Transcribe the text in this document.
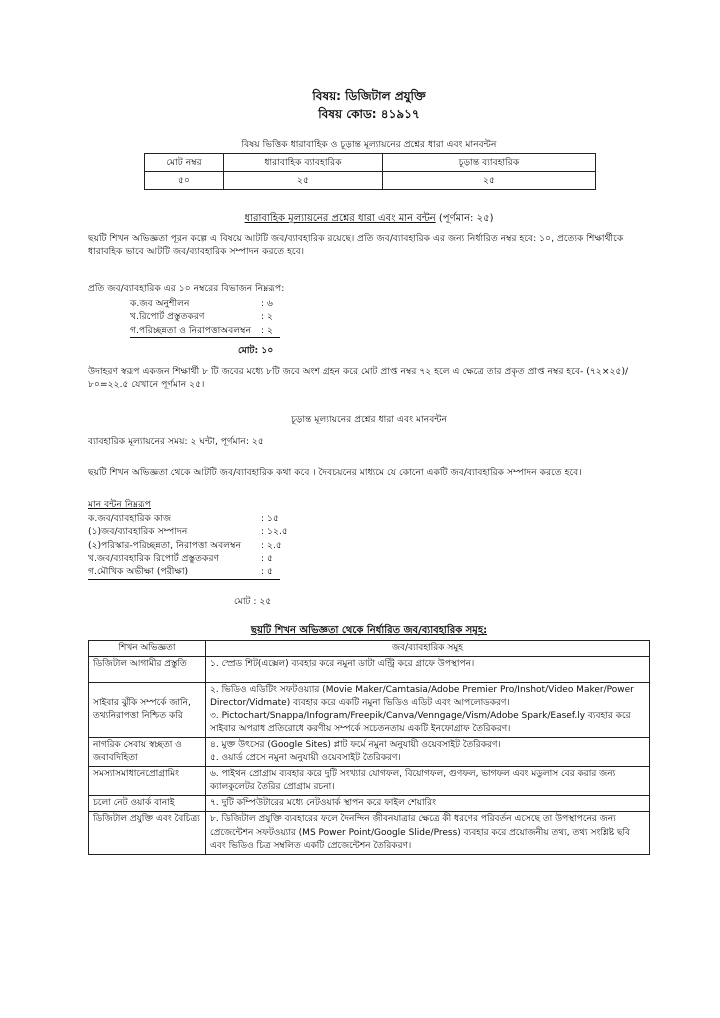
বিষয়: ডিজিটাল প্রযুক্তি
বিষয় কোড: ৪১৯১৭
বিষয় ভিত্তিক ধারাবাহিক ও চূড়ান্ত মূল্যায়নের প্রশ্নের ধারা এবং মানবন্টন
মোট নম্বর	ধারাবাহিক ব্যাবহারিক	চূড়ান্ত ব্যাবহারিক
৫০	২৫	২৫
ধারাবাহিক মূল্যায়নের প্রশ্নের ধারা এবং মান বন্টন (পূর্ণমান: ২৫)
ছয়টি শিখন অভিজ্ঞতা পূরন কল্পে এ বিষয়ে আটটি জব/ব্যাবহারিক রয়েছে। প্রতি জব/ব্যাবহারিক এর জন্য নির্ধারিত নম্বর হবে: ১০, প্রত্যেক শিক্ষার্থীকে ধারাবহিক ভাবে আটটি জব/ব্যাবহারিক সম্পাদন করতে হবে।
প্রতি জব/ব্যাবহারিক এর ১০ নম্বরের বিভাজন নিম্নরূপ:
ক.জব অনুশীলন	: ৬
খ.রিপোর্ট প্রস্তুতকরণ	: ২
গ.পরিচ্ছন্নতা ও নিরাপত্তাঅবলম্বন	: ২
মোট: ১০
উদাহরণ স্বরূপ একজন শিক্ষার্থী ৮ টি জবের মধ্যে ৮টি জবে অংশ গ্রহন করে মোট প্রাপ্ত নম্বর ৭২ হলে এ ক্ষেত্রে তার প্রকৃত প্রাপ্ত নম্বর হবে- (৭২×২৫)/৮০=২২.৫ যেখানে পূর্ণমান ২৫।
চূড়ান্ত মূল্যায়নের প্রশ্নের ধারা এবং মানবন্টন
ব্যাবহারিক মূল্যায়নের সময়: ২ ঘন্টা, পূর্ণমান: ২৫
ছয়টি শিখন অভিজ্ঞতা থেকে আটটি জব/ব্যাবহারিক কথা কবে । দৈবচয়নের মাধ্যমে যে কোনো একটি জব/ব্যাবহারিক সম্পাদন করতে হবে।
মান বন্টন নিম্নরূপ
ক.জব/ব্যাবহারিক কাজ	: ১৫
(১)জব/ব্যাবহারিক সম্পাদন	: ১২.৫
(২)পরিস্কার-পরিচ্ছন্নতা, নিরাপত্তা অবলম্বন	: ২.৫
খ.জব/ব্যাবহারিক রিপোর্ট প্রস্তুতকরণ	: ৫
গ.মৌখিক অভীক্ষা (পরীক্ষা)	: ৫
মোট : ২৫
ছয়টি শিখন অভিজ্ঞতা থেকে নির্ধারিত জব/ব্যাবহারিক সমূহ:
শিখন অভিজ্ঞতা	জব/ব্যাবহারিক সমুহ
ডিজিটাল আগামীর প্রস্তুতি	১. স্প্রেড শিট(এক্সেল) ব্যবহার করে নমুনা ডাটা এন্ট্রি করে গ্রাফে উপস্থাপন।
সাইবার ঝুঁকি সম্পর্কে জানি, তথ্যনিরাপত্তা নিশ্চিত করি	২. ভিডিও এডিটিং সফটওয়্যার (Movie Maker/Camtasia/Adobe Premier Pro/Inshot/Video Maker/Power Director/Vidmate) ব্যবহার করে একটি নমুনা ভিডিও এডিট এবং আপলোডকরণ।
৩. Pictochart/Snappa/Infogram/Freepik/Canva/Venngage/Vism/Adobe Spark/Easef.ly ব্যবহার করে সাইবার অপরাধ প্রতিরোধে করণীয় সম্পর্কে সচেতনতায় একটি ইনফোগ্রাফ তৈরিকরণ।

নাগরিক সেবায় স্বচ্ছতা ও জবাবদিহিতা	৪. মুক্ত উৎসের (Google Sites) প্লাট ফর্মে নমুনা অনুযায়ী ওয়েবসাইট তৈরিকরণ।
৫. ওয়ার্ড প্রেসে নমুনা অনুযায়ী ওয়েবসাইট তৈরিকরণ।

সমস্যাসমাধানেপ্রোগ্রামিং	৬. পাইথন প্রোগ্রাম ব্যবহার করে দুটি সংখ্যার যোগফল, বিয়োগফল, গুণফল, ভাগফল এবং মডুলাস বের করার জন্য ক্যালকুলেটর তৈরির প্রোগ্রাম রচনা।
চলো নেট ওয়ার্ক বানাই	৭. দুটি কম্পিউটারের মধ্যে নেটওয়ার্ক স্থাপন করে ফাইল শেয়ারিং
ডিজিটাল প্রযুক্তি এবং বৈচিত্র্য	৮. ডিজিটাল প্রযুক্তি ব্যবহারের ফলে দৈনন্দিন জীবনযাত্রার ক্ষেত্রে কী ধরণের পরিবর্তন এসেছে তা উপস্থাপনের জন্য প্রেজেন্টেশন সফটওয়্যার (MS Power Point/Google Slide/Press) ব্যবহার করে প্রয়োজনীয় তথ্য, তথ্য সংশ্লিষ্ট ছবি এবং ভিডিও চিত্র সম্বলিত একটি প্রেজেন্টেশন তৈরিকরণ।
